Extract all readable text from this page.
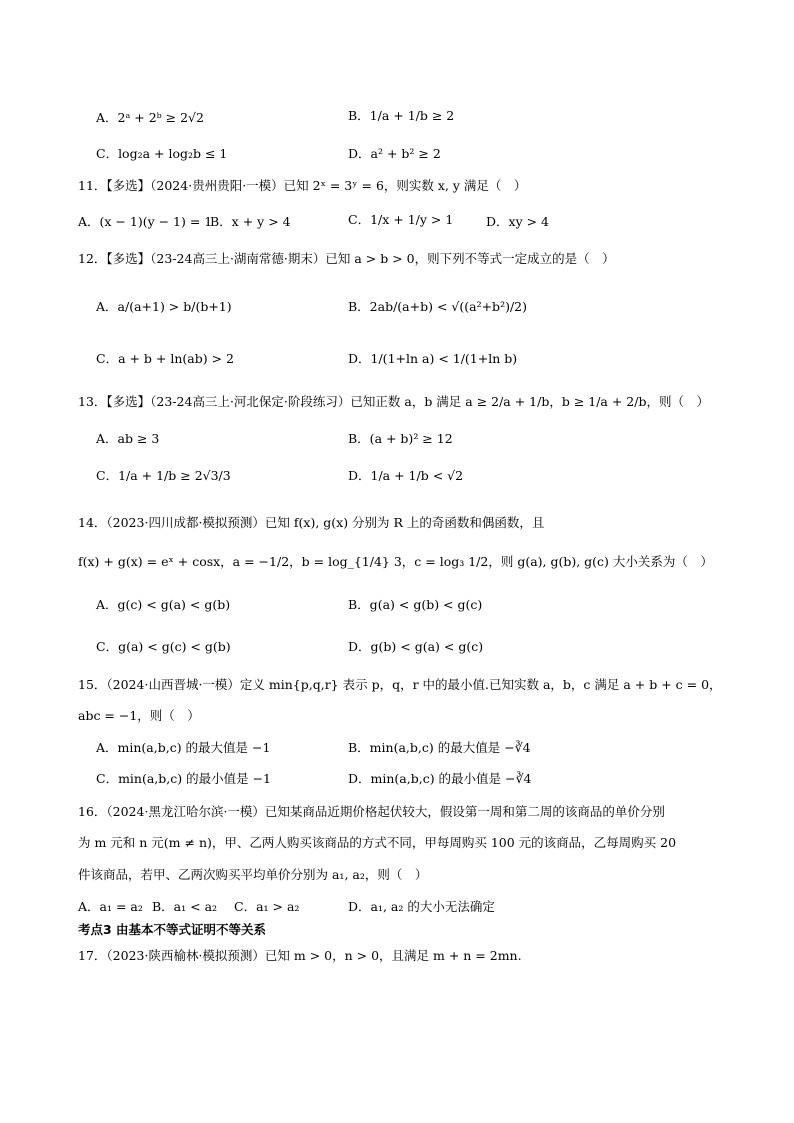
A．2ᵃ + 2ᵇ ≥ 2√2	B．1/a + 1/b ≥ 2
C．log₂a + log₂b ≤ 1	D．a² + b² ≥ 2
11．【多选】（2024·贵州贵阳·一模）已知 2ˣ = 3ʸ = 6，则实数 x, y 满足（　）
A．(x − 1)(y − 1) = 1
B．x + y > 4	C．1/x + 1/y > 1	D．xy > 4
12．【多选】（23-24高三上·湖南常德·期末）已知 a > b > 0，则下列不等式一定成立的是（　）
A．a/(a+1) > b/(b+1)	B．2ab/(a+b) < √((a²+b²)/2)
C．a + b + ln(ab) > 2	D．1/(1+ln a) < 1/(1+ln b)
13．【多选】（23-24高三上·河北保定·阶段练习）已知正数 a，b 满足 a ≥ 2/a + 1/b，b ≥ 1/a + 2/b，则（　）
A．ab ≥ 3	B．(a + b)² ≥ 12
C．1/a + 1/b ≥ 2√3/3	D．1/a + 1/b < √2
14．（2023·四川成都·模拟预测）已知 f(x), g(x) 分别为 R 上的奇函数和偶函数，且
f(x) + g(x) = eˣ + cosx，a = −1/2，b = log_{1/4} 3，c = log₃ 1/2，则 g(a), g(b), g(c) 大小关系为（　）
A．g(c) < g(a) < g(b)	B．g(a) < g(b) < g(c)
C．g(a) < g(c) < g(b)	D．g(b) < g(a) < g(c)
15．（2024·山西晋城·一模）定义 min{p,q,r} 表示 p，q，r 中的最小值.已知实数 a，b，c 满足 a + b + c = 0，
abc = −1，则（　）
A．min(a,b,c) 的最大值是 −1	B．min(a,b,c) 的最大值是 −∛4
C．min(a,b,c) 的最小值是 −1	D．min(a,b,c) 的最小值是 −∛4
16．（2024·黑龙江哈尔滨·一模）已知某商品近期价格起伏较大，假设第一周和第二周的该商品的单价分别
为 m 元和 n 元(m ≠ n)，甲、乙两人购买该商品的方式不同，甲每周购买 100 元的该商品，乙每周购买 20
件该商品，若甲、乙两次购买平均单价分别为 a₁, a₂，则（　）
A．a₁ = a₂ B．a₁ < a₂ C．a₁ > a₂	D．a₁, a₂ 的大小无法确定
考点3 由基本不等式证明不等关系
17．（2023·陕西榆林·模拟预测）已知 m > 0，n > 0，且满足 m + n = 2mn.
